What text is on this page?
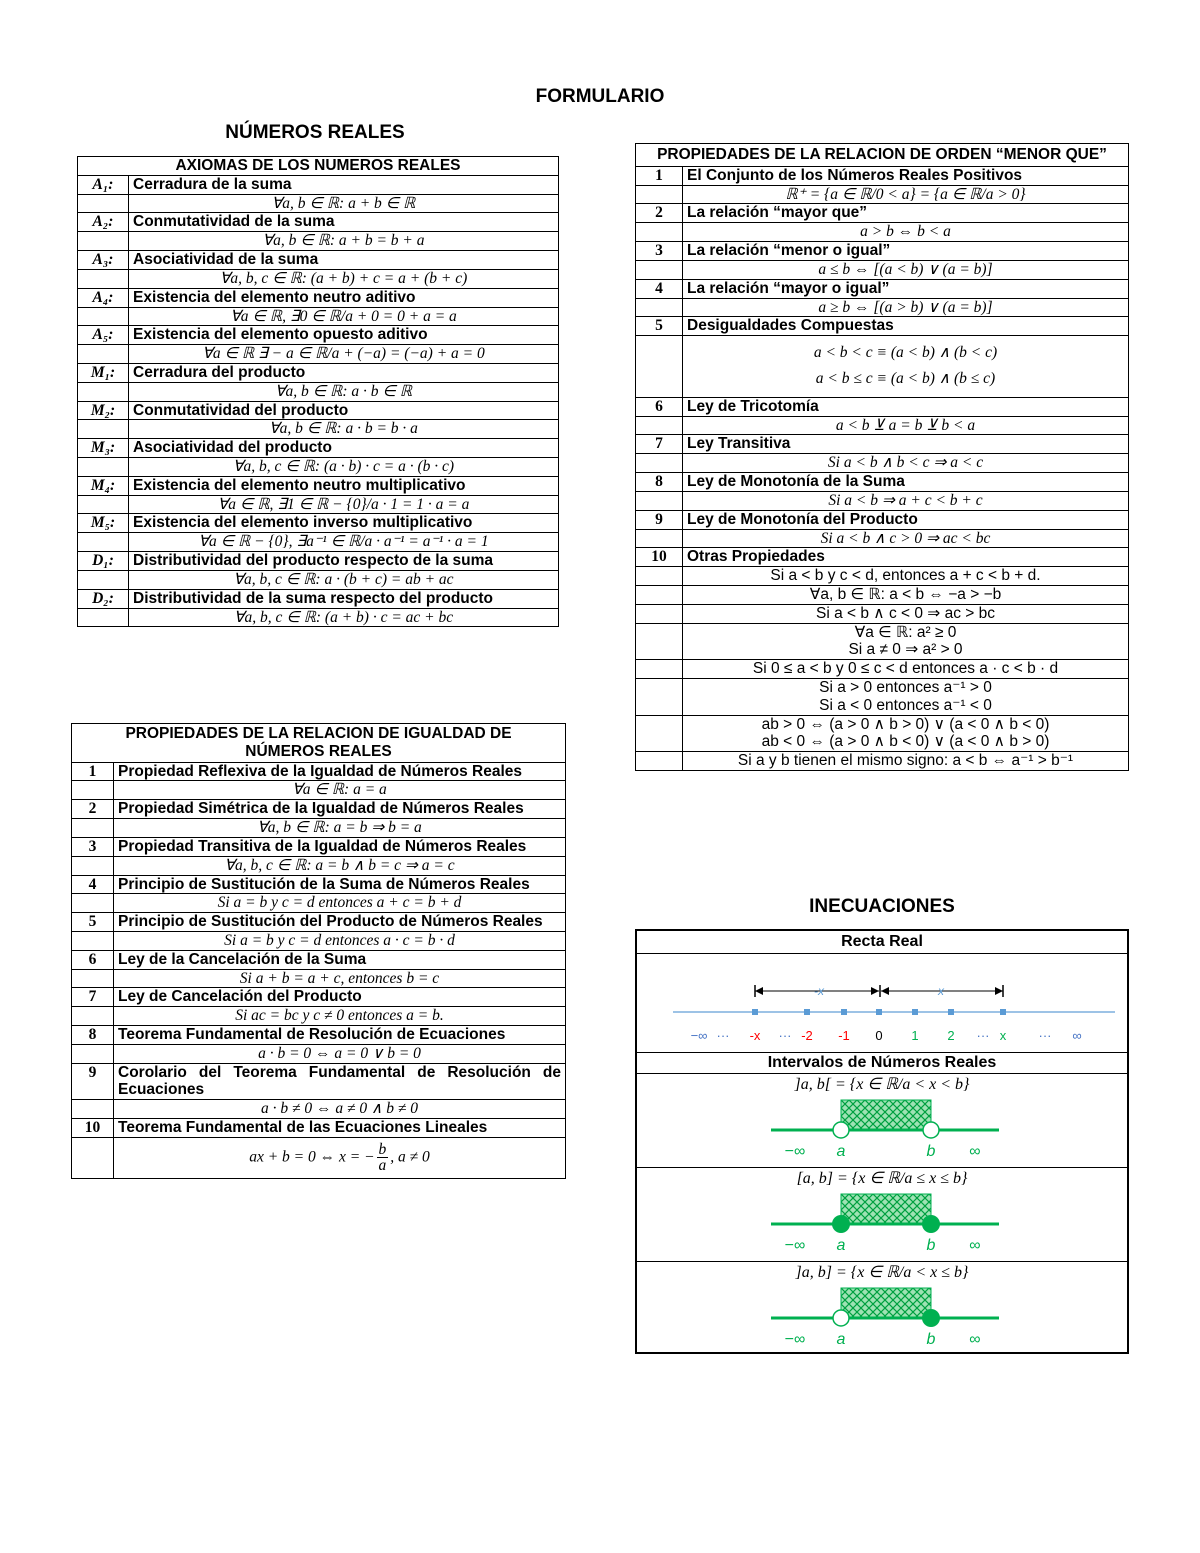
FORMULARIO
NÚMEROS REALES
AXIOMAS DE LOS NUMEROS REALES	
A₁:	Cerradura de la suma
	∀a, b ∈ ℝ: a + b ∈ ℝ
A₂:	Conmutatividad de la suma
	∀a, b ∈ ℝ: a + b = b + a
A₃:	Asociatividad de la suma
	∀a, b, c ∈ ℝ: (a + b) + c = a + (b + c)
A₄:	Existencia del elemento neutro aditivo
	∀a ∈ ℝ, ∃0 ∈ ℝ/a + 0 = 0 + a = a
A₅:	Existencia del elemento opuesto aditivo
	∀a ∈ ℝ ∃ − a ∈ ℝ/a + (−a) = (−a) + a = 0
M₁:	Cerradura del producto
	∀a, b ∈ ℝ: a · b ∈ ℝ
M₂:	Conmutatividad del producto
	∀a, b ∈ ℝ: a · b = b · a
M₃:	Asociatividad del producto
	∀a, b, c ∈ ℝ: (a · b) · c = a · (b · c)
M₄:	Existencia del elemento neutro multiplicativo
	∀a ∈ ℝ, ∃1 ∈ ℝ − {0}/a · 1 = 1 · a = a
M₅:	Existencia del elemento inverso multiplicativo
	∀a ∈ ℝ − {0}, ∃a⁻¹ ∈ ℝ/a · a⁻¹ = a⁻¹ · a = 1
D₁:	Distributividad del producto respecto de la suma
	∀a, b, c ∈ ℝ: a · (b + c) = ab + ac
D₂:	Distributividad de la suma respecto del producto
	∀a, b, c ∈ ℝ: (a + b) · c = ac + bc
PROPIEDADES DE LA RELACION DE IGUALDAD DE NÚMEROS REALES	
1	Propiedad Reflexiva de la Igualdad de Números Reales
	∀a ∈ ℝ: a = a
2	Propiedad Simétrica de la Igualdad de Números Reales
	∀a, b ∈ ℝ: a = b ⇒ b = a
3	Propiedad Transitiva de la Igualdad de Números Reales
	∀a, b, c ∈ ℝ: a = b ∧ b = c ⇒ a = c
4	Principio de Sustitución de la Suma de Números Reales
	Si a = b y c = d entonces a + c = b + d
5	Principio de Sustitución del Producto de Números Reales
	Si a = b y c = d entonces a · c = b · d
6	Ley de la Cancelación de la Suma
	Si a + b = a + c, entonces b = c
7	Ley de Cancelación del Producto
	Si ac = bc y c ≠ 0 entonces a = b.
8	Teorema Fundamental de Resolución de Ecuaciones
	a · b = 0 ⇔ a = 0 ∨ b = 0
9	Corolario del Teorema Fundamental de Resolución de Ecuaciones
	a · b ≠ 0 ⇔ a ≠ 0 ∧ b ≠ 0
10	Teorema Fundamental de las Ecuaciones Lineales
	ax + b = 0 ⇔ x = − $\frac{b}{a}$ , a ≠ 0
PROPIEDADES DE LA RELACION DE ORDEN “MENOR QUE”	
1	El Conjunto de los Números Reales Positivos

	ℝ⁺ = {a ∈ ℝ/0 < a} = {a ∈ ℝ/a > 0}

2	La relación “mayor que”

	a > b ⇔ b < a

3	La relación “menor o igual”

	a ≤ b ⇔ [(a < b) ∨ (a = b)]

4	La relación “mayor o igual”

	a ≥ b ⇔ [(a > b) ∨ (a = b)]

5	Desigualdades Compuestas

	a < b < c ≡ (a < b) ∧ (b < c)
a < b ≤ c ≡ (a < b) ∧ (b ≤ c)

6	Ley de Tricotomía

	a < b ⊻ a = b ⊻ b < a

7	Ley Transitiva

	Si a < b ∧ b < c ⇒ a < c

8	Ley de Monotonía de la Suma

	Si a < b ⇒ a + c < b + c

9	Ley de Monotonía del Producto

	Si a < b ∧ c > 0 ⇒ ac < bc

10	Otras Propiedades

	Si a < b y c < d, entonces a + c < b + d.

	∀a, b ∈ ℝ: a < b ⇔ −a > −b

	Si a < b ∧ c < 0 ⇒ ac > bc

	∀a ∈ ℝ: a² ≥ 0
Si a ≠ 0 ⇒ a² > 0

	Si 0 ≤ a < b y 0 ≤ c < d entonces a · c < b · d

	Si a > 0 entonces a⁻¹ > 0
Si a < 0 entonces a⁻¹ < 0

	ab > 0 ⇔ (a > 0 ∧ b > 0) ∨ (a < 0 ∧ b < 0)
ab < 0 ⇔ (a > 0 ∧ b < 0) ∨ (a < 0 ∧ b > 0)

	Si a y b tienen el mismo signo: a < b ⇔ a⁻¹ > b⁻¹
INECUACIONES
Recta Real
-x	x
−∞ ··· -x ··· -2 -1 0 1 2 ··· x ··· ∞
Intervalos de Números Reales
]a, b[ = {x ∈ ℝ/a < x < b}
−∞ a	b ∞
[a, b] = {x ∈ ℝ/a ≤ x ≤ b}
−∞ a	b ∞
]a, b] = {x ∈ ℝ/a < x ≤ b}
−∞ a	b ∞
